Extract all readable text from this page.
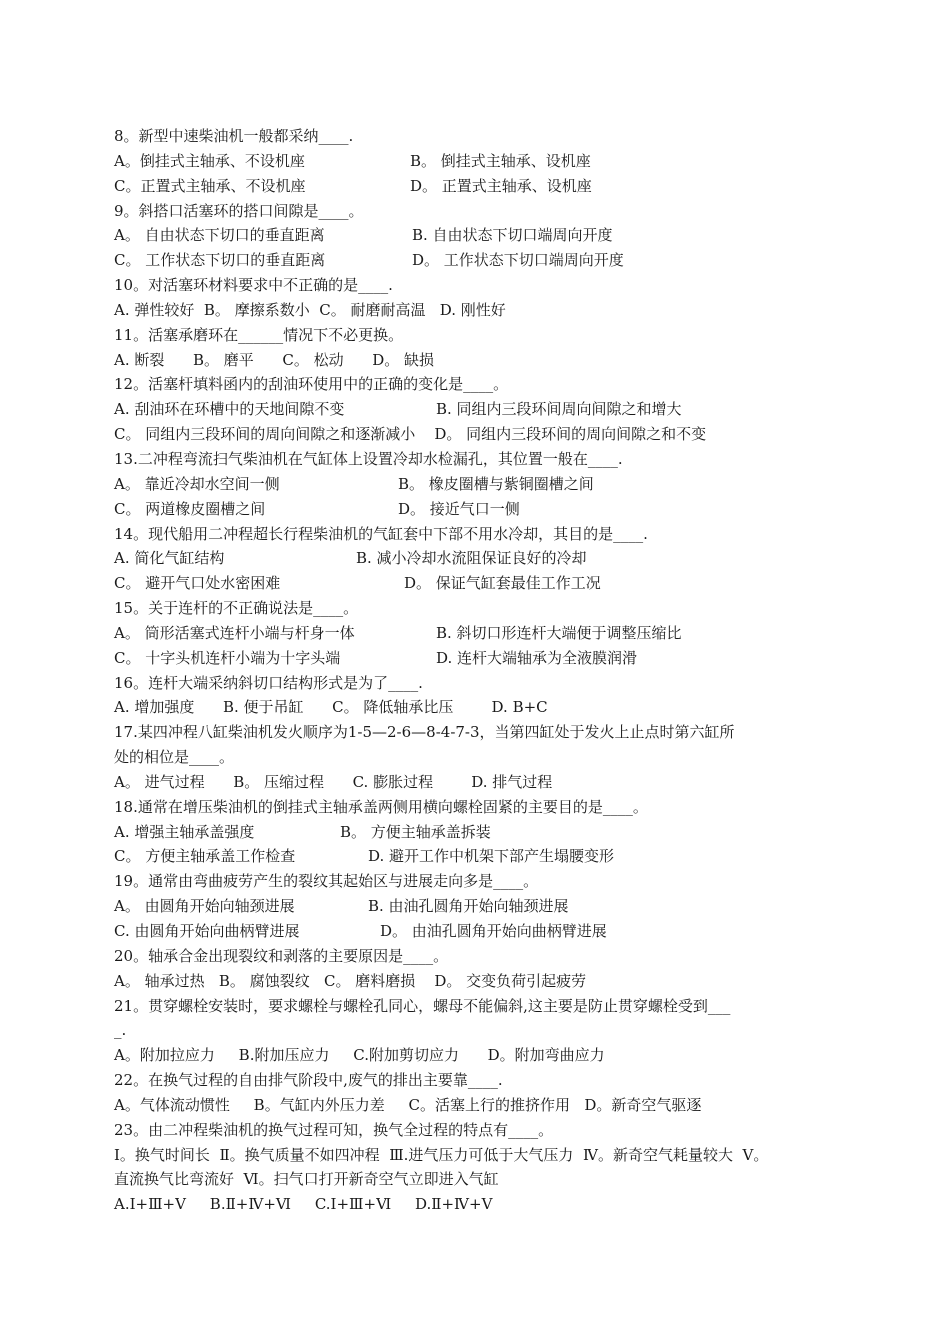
8。新型中速柴油机一般都采纳____.
A。倒挂式主轴承、不设机座	B。 倒挂式主轴承、设机座
C。正置式主轴承、不设机座	D。 正置式主轴承、设机座
9。斜搭口活塞环的搭口间隙是____。
A。 自由状态下切口的垂直距离	B. 自由状态下切口端周向开度
C。 工作状态下切口的垂直距离	D。 工作状态下切口端周向开度
10。对活塞环材料要求中不正确的是____.
A. 弹性较好  B。 摩擦系数小  C。 耐磨耐高温   D. 刚性好
11。活塞承磨环在______情况下不必更换。
A. 断裂      B。 磨平      C。 松动      D。 缺损
12。活塞杆填料函内的刮油环使用中的正确的变化是____。
A. 刮油环在环槽中的天地间隙不变	B. 同组内三段环间周向间隙之和增大
C。 同组内三段环间的周向间隙之和逐渐减小    D。 同组内三段环间的周向间隙之和不变
13.二冲程弯流扫气柴油机在气缸体上设置冷却水检漏孔，其位置一般在____.
A。 靠近冷却水空间一侧	B。 橡皮圈槽与紫铜圈槽之间
C。 两道橡皮圈槽之间	D。 接近气口一侧
14。现代船用二冲程超长行程柴油机的气缸套中下部不用水冷却，其目的是____.
A. 简化气缸结构	B. 减小冷却水流阻保证良好的冷却
C。 避开气口处水密困难	D。 保证气缸套最佳工作工况
15。关于连杆的不正确说法是____。
A。 筒形活塞式连杆小端与杆身一体	B. 斜切口形连杆大端便于调整压缩比
C。 十字头机连杆小端为十字头端	D. 连杆大端轴承为全液膜润滑
16。连杆大端采纳斜切口结构形式是为了____.
A. 增加强度      B. 便于吊缸      C。 降低轴承比压        D. B+C
17.某四冲程八缸柴油机发火顺序为1-5—2-6—8-4-7-3，当第四缸处于发火上止点时第六缸所
处的相位是____。
A。 进气过程      B。 压缩过程      C. 膨胀过程        D. 排气过程
18.通常在增压柴油机的倒挂式主轴承盖两侧用横向螺栓固紧的主要目的是____。
A. 增强主轴承盖强度	B。 方便主轴承盖拆装
C。 方便主轴承盖工作检查	D. 避开工作中机架下部产生塌腰变形
19。通常由弯曲疲劳产生的裂纹其起始区与进展走向多是____。
A。 由圆角开始向轴颈进展	B. 由油孔圆角开始向轴颈进展
C. 由圆角开始向曲柄臂进展	D。 由油孔圆角开始向曲柄臂进展
20。轴承合金出现裂纹和剥落的主要原因是____。
A。 轴承过热   B。 腐蚀裂纹   C。 磨料磨损    D。 交变负荷引起疲劳
21。贯穿螺栓安装时，要求螺栓与螺栓孔同心，螺母不能偏斜,这主要是防止贯穿螺栓受到___
_.
A。附加拉应力     B.附加压应力     C.附加剪切应力      D。附加弯曲应力
22。在换气过程的自由排气阶段中,废气的排出主要靠____.
A。气体流动惯性     B。气缸内外压力差     C。活塞上行的推挤作用   D。新奇空气驱逐
23。由二冲程柴油机的换气过程可知，换气全过程的特点有____。
I。换气时间长  Ⅱ。换气质量不如四冲程  Ⅲ.进气压力可低于大气压力  Ⅳ。新奇空气耗量较大  Ⅴ。
直流换气比弯流好  Ⅵ。扫气口打开新奇空气立即进入气缸
A.I+Ⅲ+Ⅴ     B.Ⅱ+Ⅳ+Ⅵ     C.I+Ⅲ+Ⅵ     D.Ⅱ+Ⅳ+Ⅴ
